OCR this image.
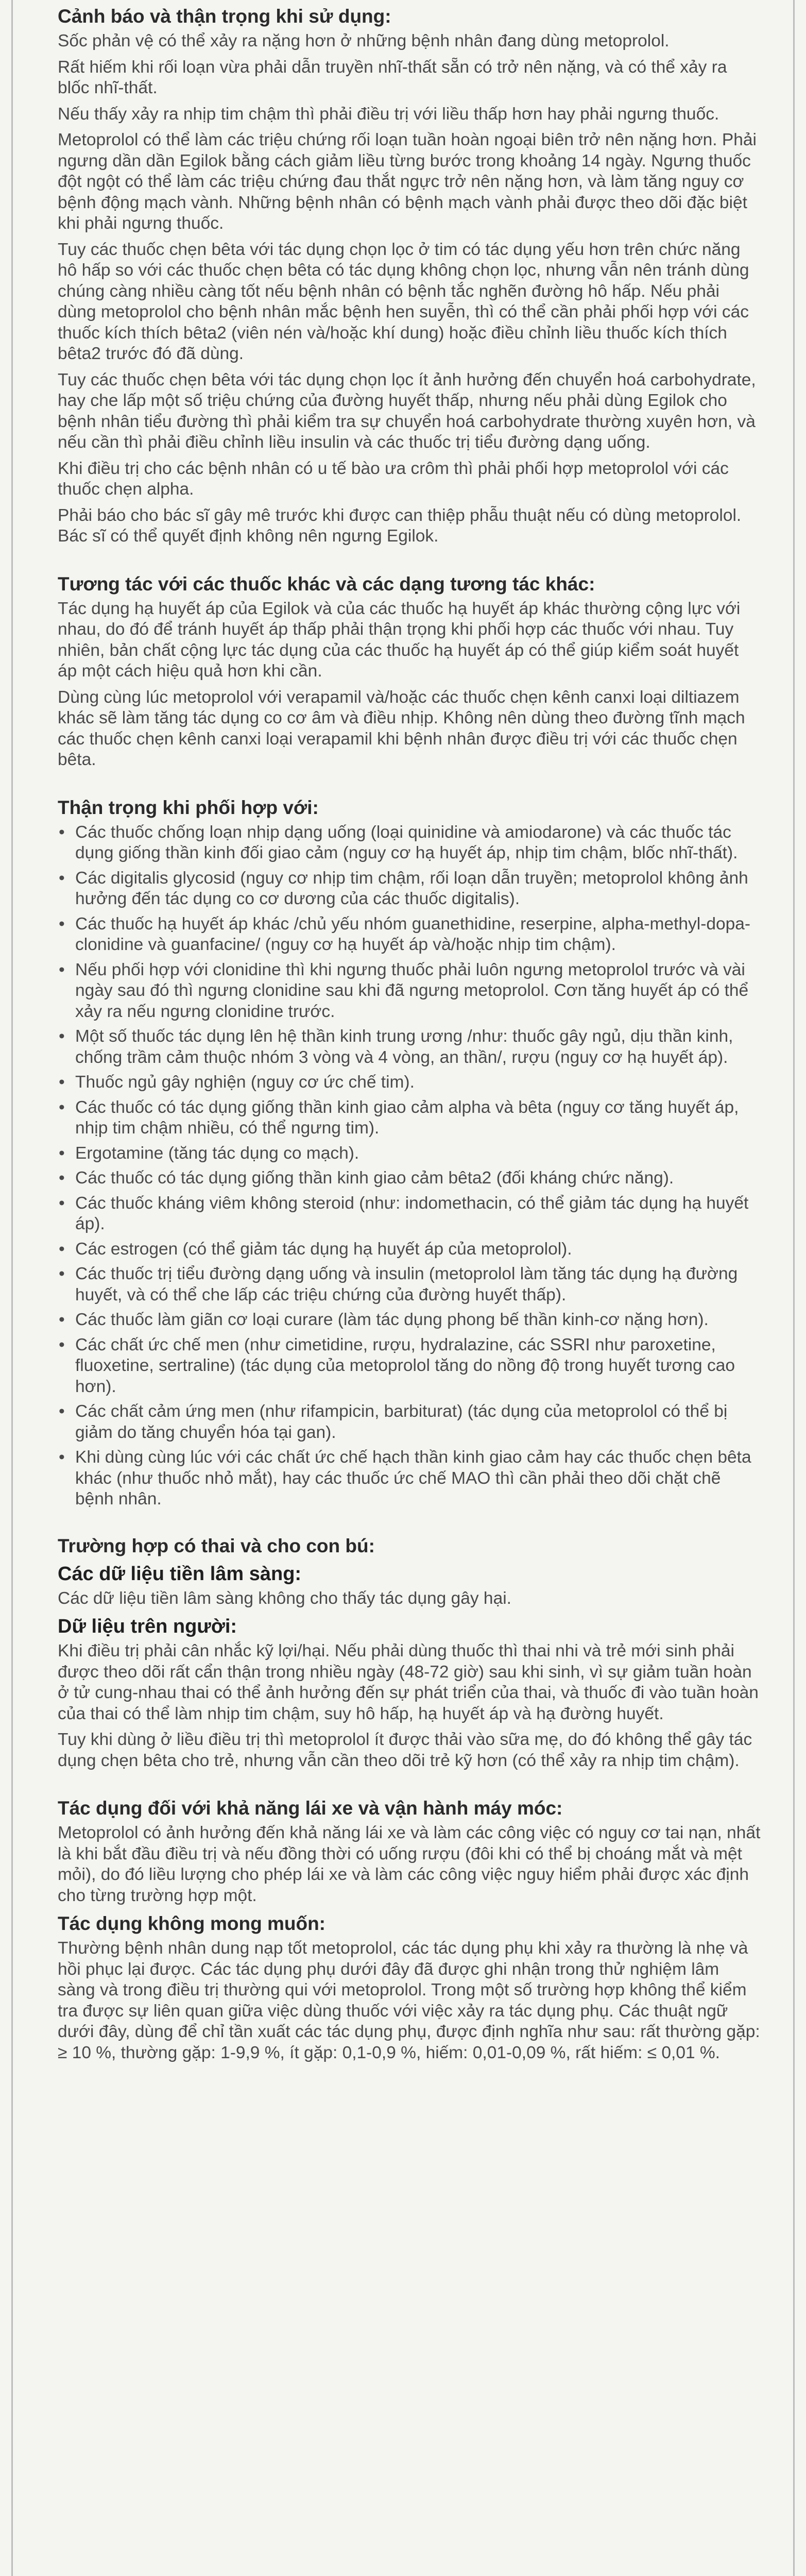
Cảnh báo và thận trọng khi sử dụng:

Sốc phản vệ có thể xảy ra nặng hơn ở những bệnh nhân đang dùng metoprolol.

Rất hiếm khi rối loạn vừa phải dẫn truyền nhĩ-thất sẵn có trở nên nặng, và có thể xảy ra blốc nhĩ-thất.

Nếu thấy xảy ra nhịp tim chậm thì phải điều trị với liều thấp hơn hay phải ngưng thuốc.

Metoprolol có thể làm các triệu chứng rối loạn tuần hoàn ngoại biên trở nên nặng hơn. Phải ngưng dần dần Egilok bằng cách giảm liều từng bước trong khoảng 14 ngày. Ngưng thuốc đột ngột có thể làm các triệu chứng đau thắt ngực trở nên nặng hơn, và làm tăng nguy cơ bệnh động mạch vành. Những bệnh nhân có bệnh mạch vành phải được theo dõi đặc biệt khi phải ngưng thuốc.

Tuy các thuốc chẹn bêta với tác dụng chọn lọc ở tim có tác dụng yếu hơn trên chức năng hô hấp so với các thuốc chẹn bêta có tác dụng không chọn lọc, nhưng vẫn nên tránh dùng chúng càng nhiều càng tốt nếu bệnh nhân có bệnh tắc nghẽn đường hô hấp. Nếu phải dùng metoprolol cho bệnh nhân mắc bệnh hen suyễn, thì có thể cần phải phối hợp với các thuốc kích thích bêta2 (viên nén và/hoặc khí dung) hoặc điều chỉnh liều thuốc kích thích bêta2 trước đó đã dùng.

Tuy các thuốc chẹn bêta với tác dụng chọn lọc ít ảnh hưởng đến chuyển hoá carbohydrate, hay che lấp một số triệu chứng của đường huyết thấp, nhưng nếu phải dùng Egilok cho bệnh nhân tiểu đường thì phải kiểm tra sự chuyển hoá carbohydrate thường xuyên hơn, và nếu cần thì phải điều chỉnh liều insulin và các thuốc trị tiểu đường dạng uống.

Khi điều trị cho các bệnh nhân có u tế bào ưa crôm thì phải phối hợp metoprolol với các thuốc chẹn alpha.

Phải báo cho bác sĩ gây mê trước khi được can thiệp phẫu thuật nếu có dùng metoprolol. Bác sĩ có thể quyết định không nên ngưng Egilok.

Tương tác với các thuốc khác và các dạng tương tác khác:

Tác dụng hạ huyết áp của Egilok và của các thuốc hạ huyết áp khác thường cộng lực với nhau, do đó để tránh huyết áp thấp phải thận trọng khi phối hợp các thuốc với nhau. Tuy nhiên, bản chất cộng lực tác dụng của các thuốc hạ huyết áp có thể giúp kiểm soát huyết áp một cách hiệu quả hơn khi cần.

Dùng cùng lúc metoprolol với verapamil và/hoặc các thuốc chẹn kênh canxi loại diltiazem khác sẽ làm tăng tác dụng co cơ âm và điều nhịp. Không nên dùng theo đường tĩnh mạch các thuốc chẹn kênh canxi loại verapamil khi bệnh nhân được điều trị với các thuốc chẹn bêta.

Thận trọng khi phối hợp với:
• Các thuốc chống loạn nhịp dạng uống (loại quinidine và amiodarone) và các thuốc tác dụng giống thần kinh đối giao cảm (nguy cơ hạ huyết áp, nhịp tim chậm, blốc nhĩ-thất).
• Các digitalis glycosid (nguy cơ nhịp tim chậm, rối loạn dẫn truyền; metoprolol không ảnh hưởng đến tác dụng co cơ dương của các thuốc digitalis).
• Các thuốc hạ huyết áp khác /chủ yếu nhóm guanethidine, reserpine, alpha-methyl-dopa-clonidine và guanfacine/ (nguy cơ hạ huyết áp và/hoặc nhịp tim chậm).
• Nếu phối hợp với clonidine thì khi ngưng thuốc phải luôn ngưng metoprolol trước và vài ngày sau đó thì ngưng clonidine sau khi đã ngưng metoprolol. Cơn tăng huyết áp có thể xảy ra nếu ngưng clonidine trước.
• Một số thuốc tác dụng lên hệ thần kinh trung ương /như: thuốc gây ngủ, dịu thần kinh, chống trầm cảm thuộc nhóm 3 vòng và 4 vòng, an thần/, rượu (nguy cơ hạ huyết áp).
• Thuốc ngủ gây nghiện (nguy cơ ức chế tim).
• Các thuốc có tác dụng giống thần kinh giao cảm alpha và bêta (nguy cơ tăng huyết áp, nhịp tim chậm nhiều, có thể ngưng tim).
• Ergotamine (tăng tác dụng co mạch).
• Các thuốc có tác dụng giống thần kinh giao cảm bêta2 (đối kháng chức năng).
• Các thuốc kháng viêm không steroid (như: indomethacin, có thể giảm tác dụng hạ huyết áp).
• Các estrogen (có thể giảm tác dụng hạ huyết áp của metoprolol).
• Các thuốc trị tiểu đường dạng uống và insulin (metoprolol làm tăng tác dụng hạ đường huyết, và có thể che lấp các triệu chứng của đường huyết thấp).
• Các thuốc làm giãn cơ loại curare (làm tác dụng phong bế thần kinh-cơ nặng hơn).
• Các chất ức chế men (như cimetidine, rượu, hydralazine, các SSRI như paroxetine, fluoxetine, sertraline) (tác dụng của metoprolol tăng do nồng độ trong huyết tương cao hơn).
• Các chất cảm ứng men (như rifampicin, barbiturat) (tác dụng của metoprolol có thể bị giảm do tăng chuyển hóa tại gan).
• Khi dùng cùng lúc với các chất ức chế hạch thần kinh giao cảm hay các thuốc chẹn bêta khác (như thuốc nhỏ mắt), hay các thuốc ức chế MAO thì cần phải theo dõi chặt chẽ bệnh nhân.
Trường hợp có thai và cho con bú:
Các dữ liệu tiền lâm sàng:

Các dữ liệu tiền lâm sàng không cho thấy tác dụng gây hại.

Dữ liệu trên người:

Khi điều trị phải cân nhắc kỹ lợi/hại. Nếu phải dùng thuốc thì thai nhi và trẻ mới sinh phải được theo dõi rất cẩn thận trong nhiều ngày (48-72 giờ) sau khi sinh, vì sự giảm tuần hoàn ở tử cung-nhau thai có thể ảnh hưởng đến sự phát triển của thai, và thuốc đi vào tuần hoàn của thai có thể làm nhịp tim chậm, suy hô hấp, hạ huyết áp và hạ đường huyết.

Tuy khi dùng ở liều điều trị thì metoprolol ít được thải vào sữa mẹ, do đó không thể gây tác dụng chẹn bêta cho trẻ, nhưng vẫn cần theo dõi trẻ kỹ hơn (có thể xảy ra nhịp tim chậm).

Tác dụng đối với khả năng lái xe và vận hành máy móc:

Metoprolol có ảnh hưởng đến khả năng lái xe và làm các công việc có nguy cơ tai nạn, nhất là khi bắt đầu điều trị và nếu đồng thời có uống rượu (đôi khi có thể bị choáng mắt và mệt mỏi), do đó liều lượng cho phép lái xe và làm các công việc nguy hiểm phải được xác định cho từng trường hợp một.

Tác dụng không mong muốn:

Thường bệnh nhân dung nạp tốt metoprolol, các tác dụng phụ khi xảy ra thường là nhẹ và hồi phục lại được. Các tác dụng phụ dưới đây đã được ghi nhận trong thử nghiệm lâm sàng và trong điều trị thường qui với metoprolol. Trong một số trường hợp không thể kiểm tra được sự liên quan giữa việc dùng thuốc với việc xảy ra tác dụng phụ. Các thuật ngữ dưới đây, dùng để chỉ tần xuất các tác dụng phụ, được định nghĩa như sau: rất thường gặp: ≥ 10 %, thường gặp: 1-9,9 %, ít gặp: 0,1-0,9 %, hiếm: 0,01-0,09 %, rất hiếm: ≤ 0,01 %.
